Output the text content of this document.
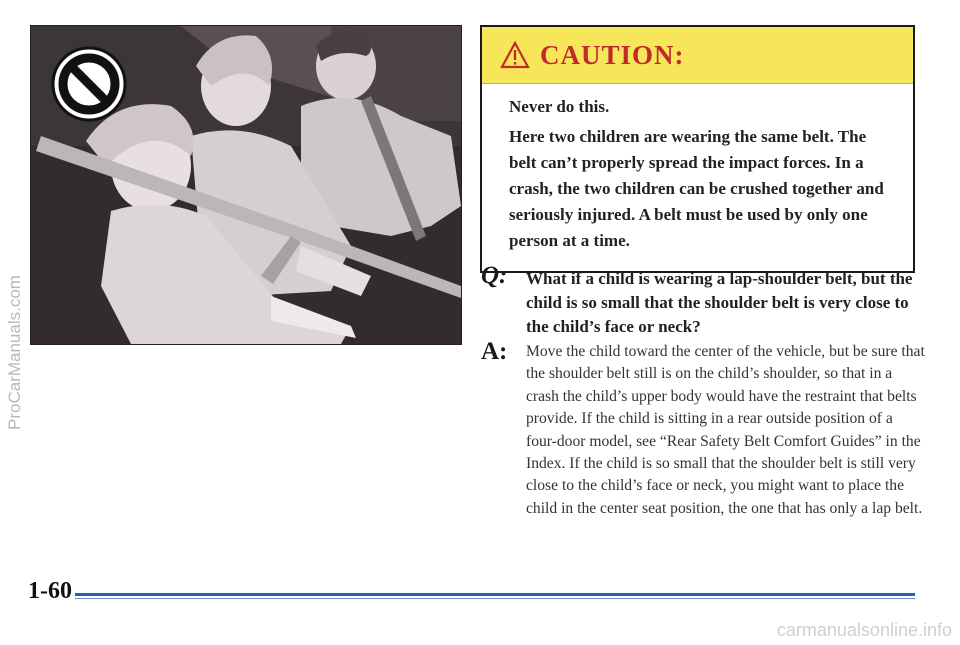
CAUTION:

Never do this.

Here two children are wearing the same belt. The belt can’t properly spread the impact forces. In a crash, the two children can be crushed together and seriously injured. A belt must be used by only one person at a time.

Q: What if a child is wearing a lap-shoulder belt, but the child is so small that the shoulder belt is very close to the child’s face or neck?
A: Move the child toward the center of the vehicle, but be sure that the shoulder belt still is on the child’s shoulder, so that in a crash the child’s upper body would have the restraint that belts provide. If the child is sitting in a rear outside position of a four-door model, see “Rear Safety Belt Comfort Guides” in the Index. If the child is so small that the shoulder belt is still very close to the child’s face or neck, you might want to place the child in the center seat position, the one that has only a lap belt.
1-60
ProCarManuals.com
carmanualsonline.info
